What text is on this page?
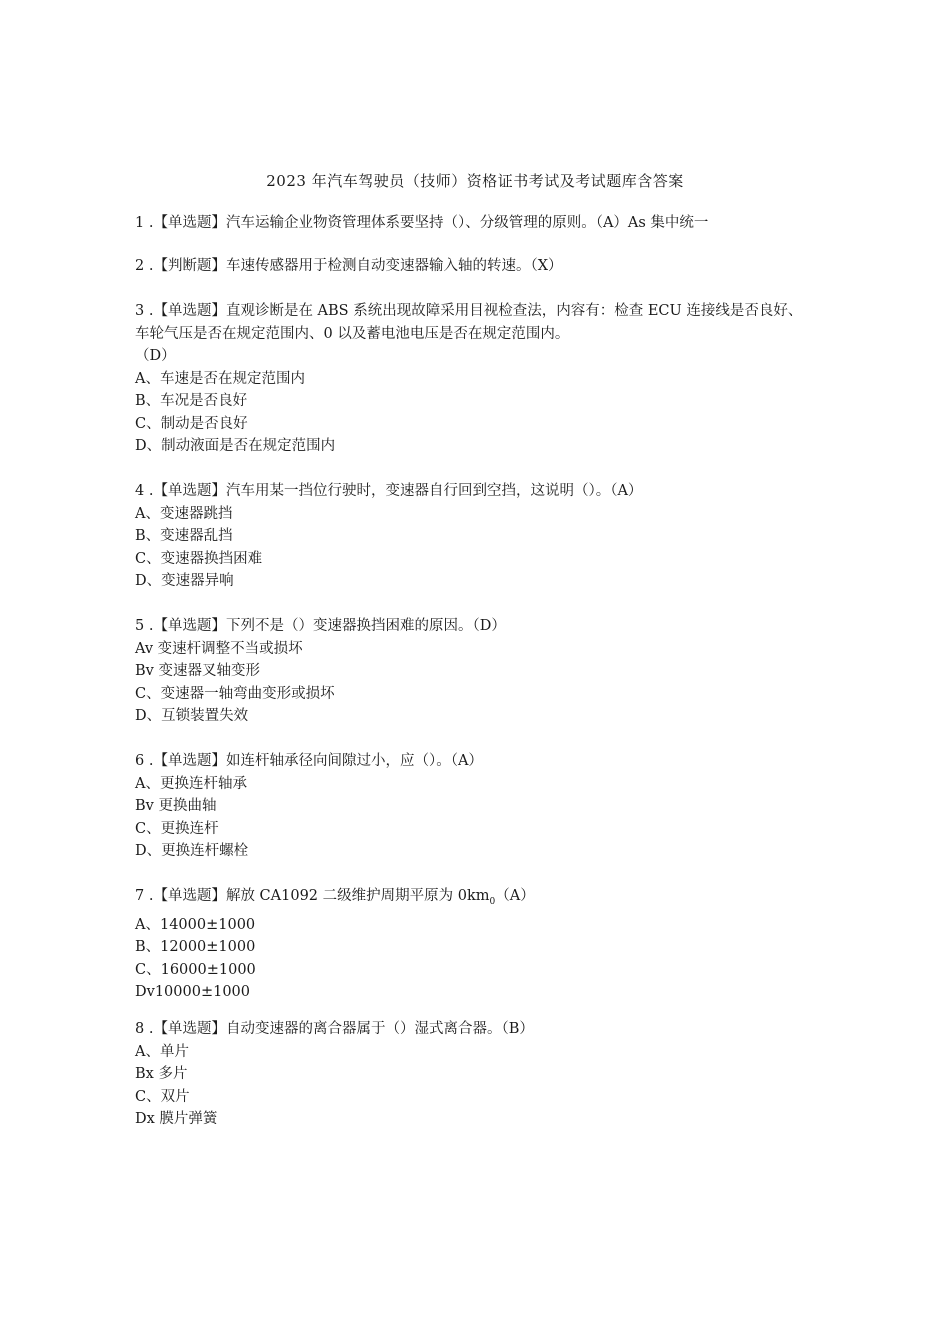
2023 年汽车驾驶员（技师）资格证书考试及考试题库含答案
1 .【单选题】汽车运输企业物资管理体系要坚持（）、分级管理的原则。（A）As 集中统一
2 .【判断题】车速传感器用于检测自动变速器输入轴的转速。（X）
3 .【单选题】直观诊断是在 ABS 系统出现故障采用目视检查法，内容有：检查 ECU 连接线是否良好、车轮气压是否在规定范围内、0 以及蓄电池电压是否在规定范围内。
（D）
A、车速是否在规定范围内
B、车况是否良好
C、制动是否良好
D、制动液面是否在规定范围内
4 .【单选题】汽车用某一挡位行驶时，变速器自行回到空挡，这说明（）。（A）
A、变速器跳挡
B、变速器乱挡
C、变速器换挡困难
D、变速器异响
5 .【单选题】下列不是（）变速器换挡困难的原因。（D）
Av 变速杆调整不当或损坏
Bv 变速器叉轴变形
C、变速器一轴弯曲变形或损坏
D、互锁装置失效
6 .【单选题】如连杆轴承径向间隙过小，应（）。（A）
A、更换连杆轴承
Bv 更换曲轴
C、更换连杆
D、更换连杆螺栓
7 .【单选题】解放 CA1092 二级维护周期平原为 $0km_0(A)$
A、14000±1000
B、12000±1000
C、16000±1000
Dv10000±1000
8 .【单选题】自动变速器的离合器属于（）湿式离合器。（B）
A、单片
Bx 多片
C、双片
Dx 膜片弹簧
